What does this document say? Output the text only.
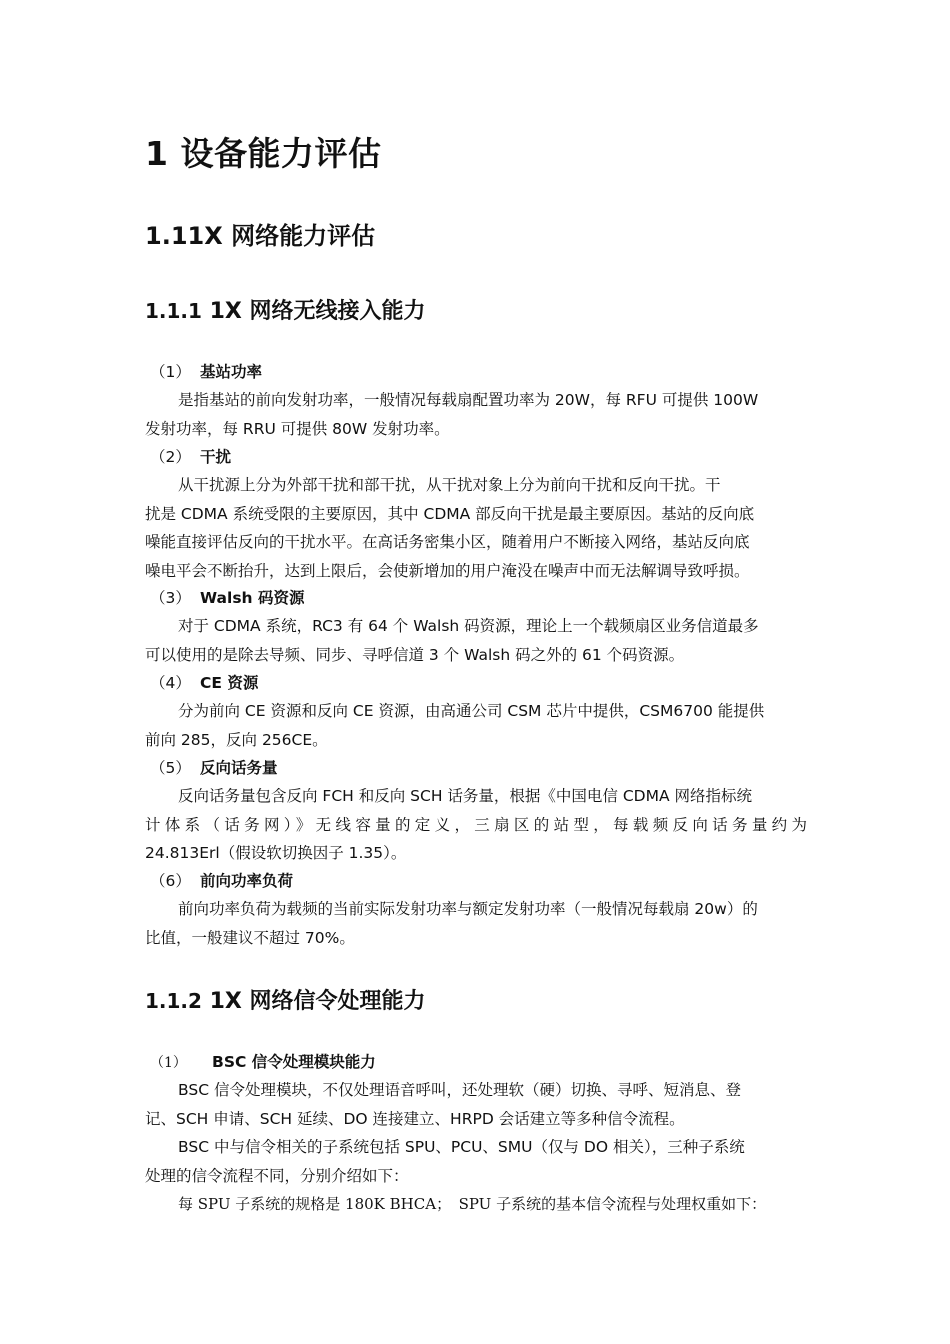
1 设备能力评估
1.11X 网络能力评估
1.1.1 1X 网络无线接入能力
（1） 基站功率
是指基站的前向发射功率，一般情况每载扇配置功率为 20W，每 RFU 可提供 100W
发射功率，每 RRU 可提供 80W 发射功率。
（2） 干扰
从干扰源上分为外部干扰和部干扰，从干扰对象上分为前向干扰和反向干扰。干
扰是 CDMA 系统受限的主要原因，其中 CDMA 部反向干扰是最主要原因。基站的反向底
噪能直接评估反向的干扰水平。在高话务密集小区，随着用户不断接入网络，基站反向底
噪电平会不断抬升，达到上限后，会使新增加的用户淹没在噪声中而无法解调导致呼损。
（3） Walsh 码资源
对于 CDMA 系统，RC3 有 64 个 Walsh 码资源，理论上一个载频扇区业务信道最多
可以使用的是除去导频、同步、寻呼信道 3 个 Walsh 码之外的 61 个码资源。
（4） CE 资源
分为前向 CE 资源和反向 CE 资源，由高通公司 CSM 芯片中提供，CSM6700 能提供
前向 285，反向 256CE。
（5） 反向话务量
反向话务量包含反向 FCH 和反向 SCH 话务量，根据《中国电信 CDMA 网络指标统
计体系（话务网）》无线容量的定义，三扇区的站型，每载频反向话务量约为
24.813Erl（假设软切换因子 1.35）。
（6） 前向功率负荷
前向功率负荷为载频的当前实际发射功率与额定发射功率（一般情况每载扇 20w）的
比值，一般建议不超过 70%。
1.1.2 1X 网络信令处理能力
（1） BSC 信令处理模块能力
BSC 信令处理模块，不仅处理语音呼叫，还处理软（硬）切换、寻呼、短消息、登
记、SCH 申请、SCH 延续、DO 连接建立、HRPD 会话建立等多种信令流程。
BSC 中与信令相关的子系统包括 SPU、PCU、SMU（仅与 DO 相关），三种子系统
处理的信令流程不同，分别介绍如下：
每 SPU 子系统的规格是 180K BHCA；　SPU 子系统的基本信令流程与处理权重如下：
